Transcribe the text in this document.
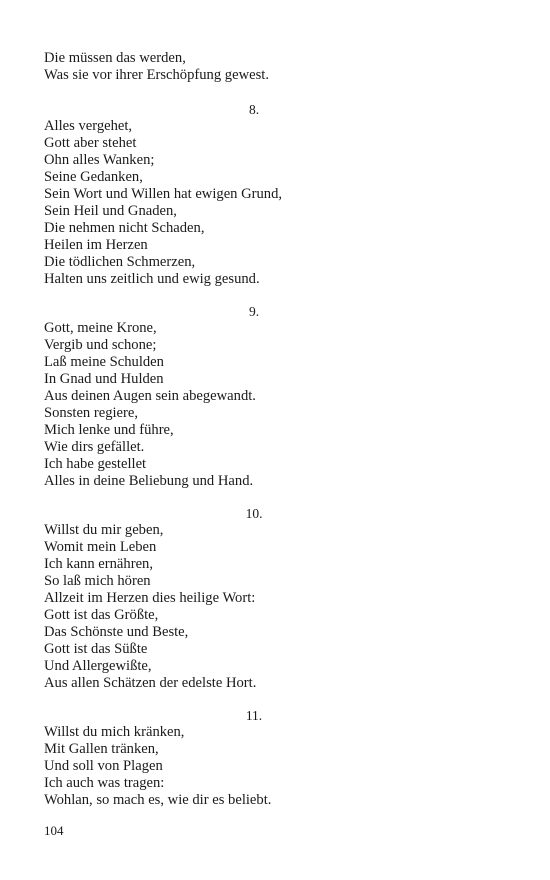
Die müssen das werden,
Was sie vor ihrer Erschöpfung gewest.
8.
Alles vergehet,
Gott aber stehet
Ohn alles Wanken;
Seine Gedanken,
Sein Wort und Willen hat ewigen Grund,
Sein Heil und Gnaden,
Die nehmen nicht Schaden,
Heilen im Herzen
Die tödlichen Schmerzen,
Halten uns zeitlich und ewig gesund.
9.
Gott, meine Krone,
Vergib und schone;
Laß meine Schulden
In Gnad und Hulden
Aus deinen Augen sein abegewandt.
Sonsten regiere,
Mich lenke und führe,
Wie dirs gefället.
Ich habe gestellet
Alles in deine Beliebung und Hand.
10.
Willst du mir geben,
Womit mein Leben
Ich kann ernähren,
So laß mich hören
Allzeit im Herzen dies heilige Wort:
Gott ist das Größte,
Das Schönste und Beste,
Gott ist das Süßte
Und Allergewißte,
Aus allen Schätzen der edelste Hort.
11.
Willst du mich kränken,
Mit Gallen tränken,
Und soll von Plagen
Ich auch was tragen:
Wohlan, so mach es, wie dir es beliebt.
104
